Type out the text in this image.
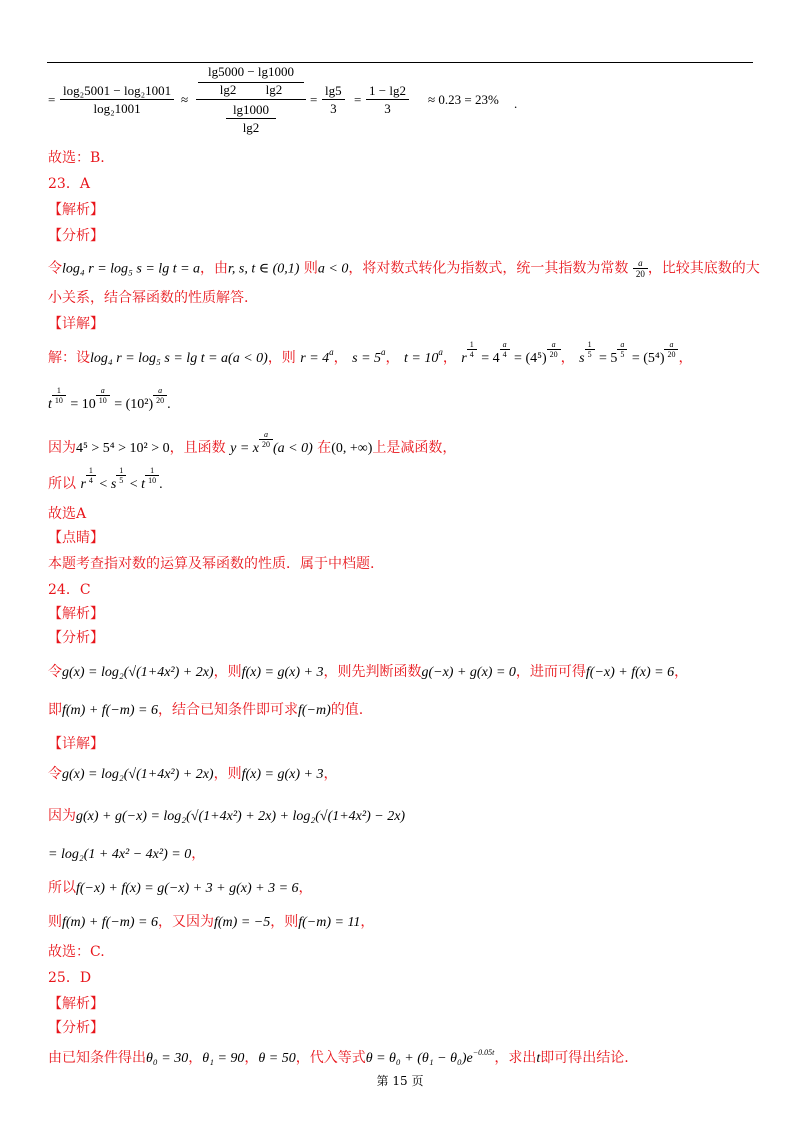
= $\frac{\text{log₂5001 − log₂1001}}{\text{log₂1001}}$ ≈
lg5000 − lg1000
lg2 lg2
lg1000
lg2
= $\frac{\lg 5}{3} = \frac{1 - \lg 2}{3} \approx 0.23 = 23\%$ .
故选：B.
23．A
【解析】
【分析】
令log₄ r = log₅ s = lg t = a，由r, s, t ∈ (0,1) 则a < 0，将对数式转化为指数式，统一其指数为常数 $\frac{a}{20}$ ，比较其底数的大
小关系，结合幂函数的性质解答.
【详解】
解：设log₄ r = log₅ s = lg t = a(a < 0)，则 $r = 4^a$， $s = 5^a$， $t = 10^a$， r $\frac{1}{4} = 4 \frac{a}{4} = (4^5) \frac{a}{20}$ ， s $\frac{1}{5} = 5 \frac{a}{5} = (5^4) \frac{a}{20}$ ，
t $\frac{1}{10} = 10 \frac{a}{10} = (10^2) \frac{a}{20}$ .
因为4⁵ > 5⁴ > 10² > 0，且函数 y = x $\frac{a}{20} (a < 0)$ 在(0, +∞)上是减函数，
所以 r $\frac{1}{4} < s \frac{1}{5} < t \frac{1}{10}$ .
故选A
【点睛】
本题考查指对数的运算及幂函数的性质．属于中档题.
24．C
【解析】
【分析】
令g(x) = log₂(√(1+4x²) + 2x)，则f(x) = g(x) + 3，则先判断函数g(−x) + g(x) = 0，进而可得f(−x) + f(x) = 6，
即f(m) + f(−m) = 6，结合已知条件即可求f(−m)的值.
【详解】
令g(x) = log₂(√(1+4x²) + 2x)，则f(x) = g(x) + 3，
因为g(x) + g(−x) = log₂(√(1+4x²) + 2x) + log₂(√(1+4x²) − 2x)
= log₂(1 + 4x² − 4x²) = 0，
所以f(−x) + f(x) = g(−x) + 3 + g(x) + 3 = 6，
则f(m) + f(−m) = 6，又因为f(m) = −5，则f(−m) = 11，
故选：C.
25．D
【解析】
【分析】
由已知条件得出θ₀ = 30，θ₁ = 90，θ = 50，代入等式$\theta = \theta_0 + (\theta_1 - \theta_0)e^{-0.05t}$，求出t即可得出结论.
第 15 页
